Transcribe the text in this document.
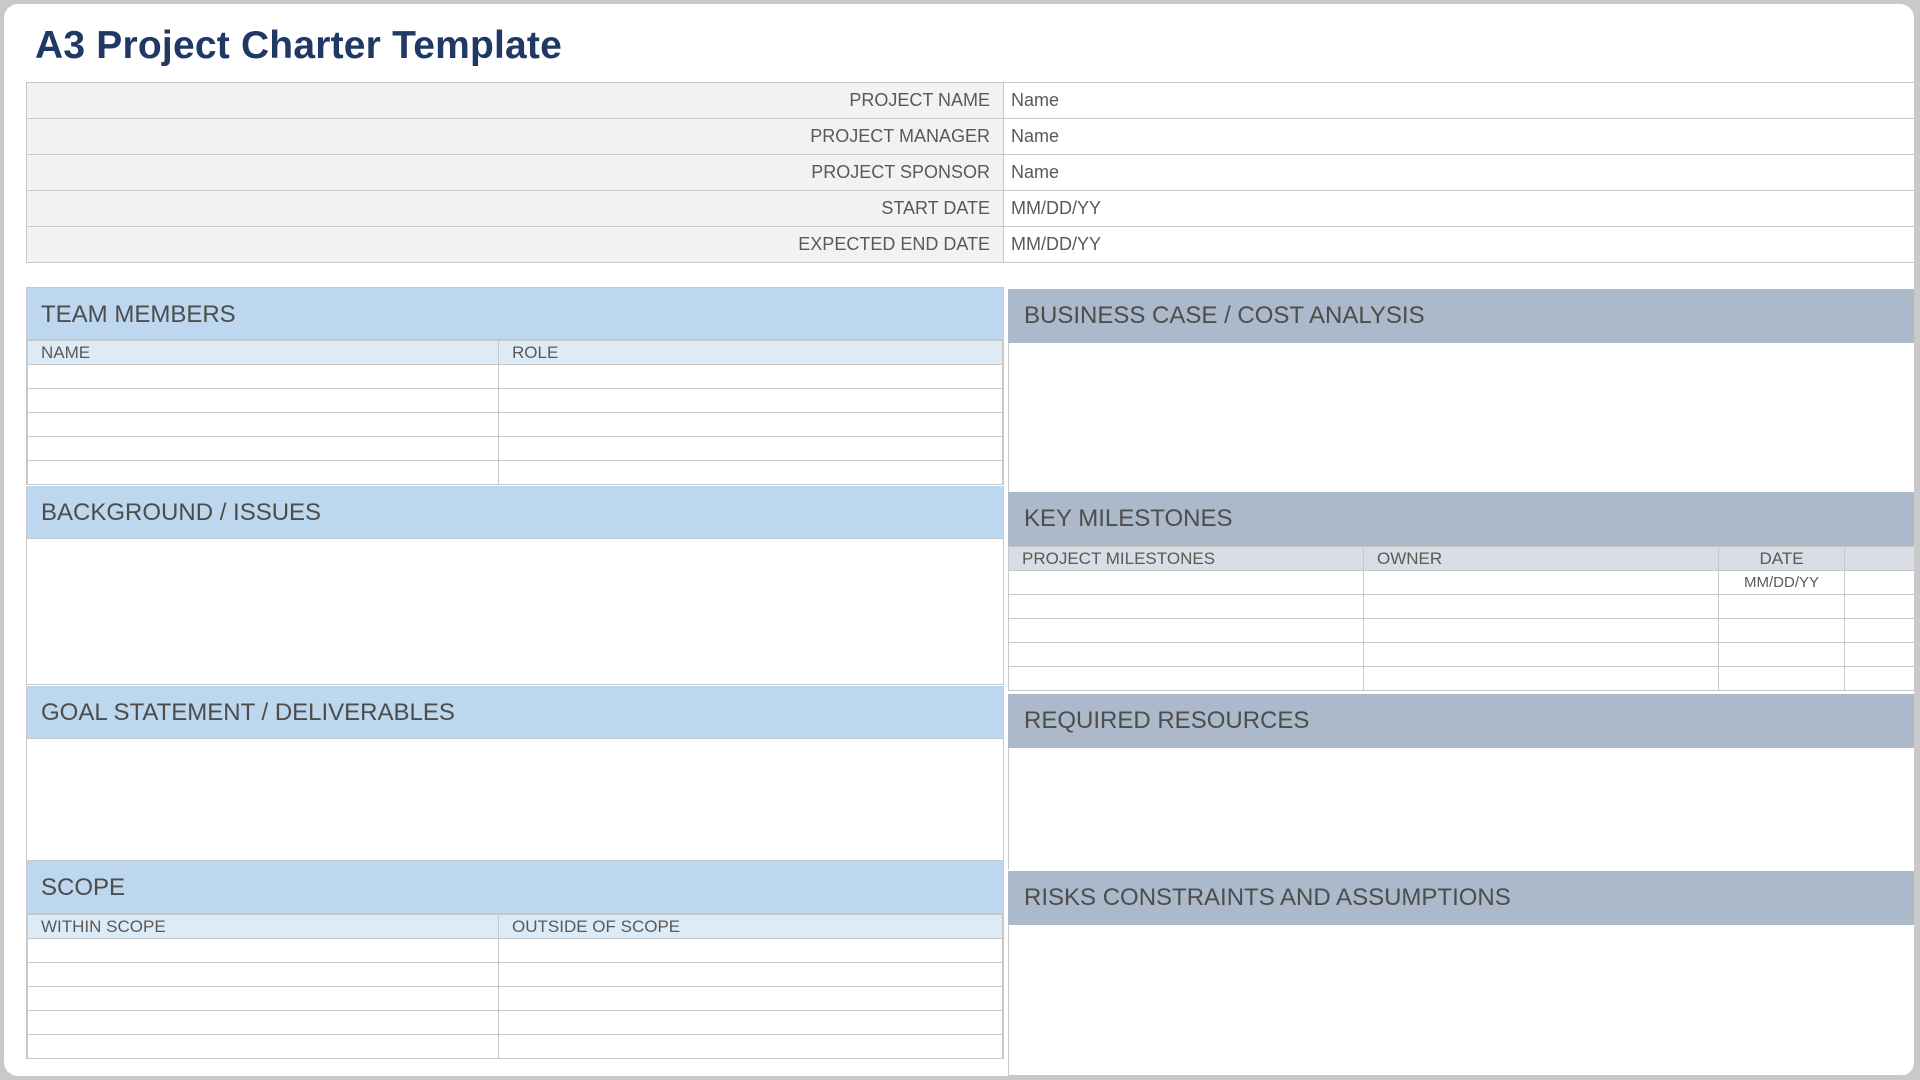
A3 Project Charter Template
PROJECT NAME	Name
PROJECT MANAGER	Name
PROJECT SPONSOR	Name
START DATE	MM/DD/YY
EXPECTED END DATE	MM/DD/YY
TEAM MEMBERS
NAME	ROLE

BACKGROUND / ISSUES
GOAL STATEMENT / DELIVERABLES
SCOPE
WITHIN SCOPE	OUTSIDE OF SCOPE

BUSINESS CASE / COST ANALYSIS
KEY MILESTONES
PROJECT MILESTONES	OWNER	DATE	
		MM/DD/YY	

REQUIRED RESOURCES
RISKS CONSTRAINTS AND ASSUMPTIONS
